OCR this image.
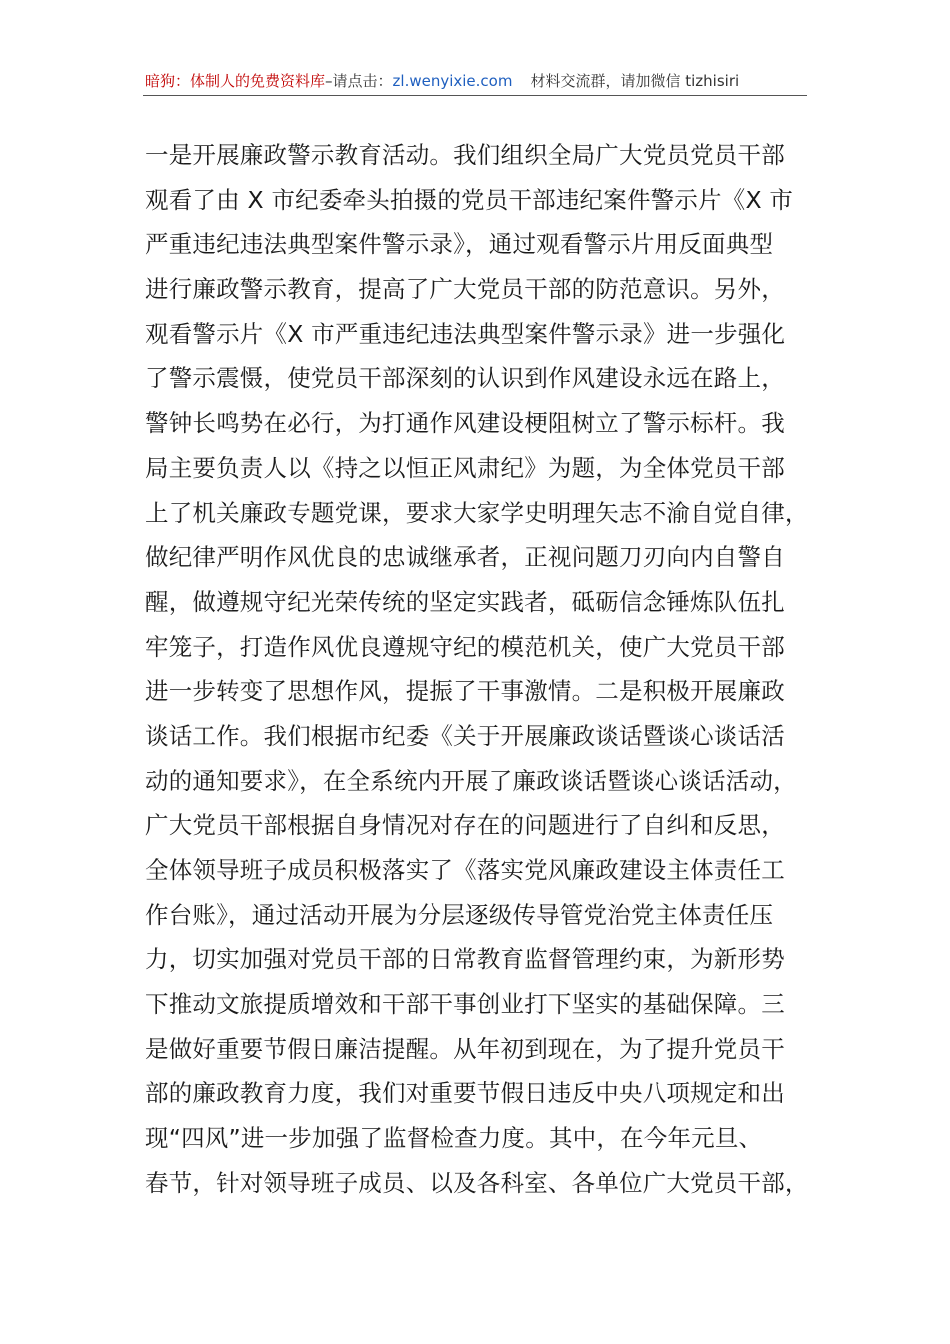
暗狗：体制人的免费资料库–请点击：zl.wenyixie.com 材料交流群，请加微信 tizhisiri
一是开展廉政警示教育活动。我们组织全局广大党员党员干部
观看了由 X 市纪委牵头拍摄的党员干部违纪案件警示片《X 市
严重违纪违法典型案件警示录》，通过观看警示片用反面典型
进行廉政警示教育，提高了广大党员干部的防范意识。另外，
观看警示片《X 市严重违纪违法典型案件警示录》进一步强化
了警示震慑，使党员干部深刻的认识到作风建设永远在路上，
警钟长鸣势在必行，为打通作风建设梗阻树立了警示标杆。我
局主要负责人以《持之以恒正风肃纪》为题，为全体党员干部
上了机关廉政专题党课，要求大家学史明理矢志不渝自觉自律，
做纪律严明作风优良的忠诚继承者，正视问题刀刃向内自警自
醒，做遵规守纪光荣传统的坚定实践者，砥砺信念锤炼队伍扎
牢笼子，打造作风优良遵规守纪的模范机关，使广大党员干部
进一步转变了思想作风，提振了干事激情。二是积极开展廉政
谈话工作。我们根据市纪委《关于开展廉政谈话暨谈心谈话活
动的通知要求》，在全系统内开展了廉政谈话暨谈心谈话活动，
广大党员干部根据自身情况对存在的问题进行了自纠和反思，
全体领导班子成员积极落实了《落实党风廉政建设主体责任工
作台账》，通过活动开展为分层逐级传导管党治党主体责任压
力，切实加强对党员干部的日常教育监督管理约束，为新形势
下推动文旅提质增效和干部干事创业打下坚实的基础保障。三
是做好重要节假日廉洁提醒。从年初到现在，为了提升党员干
部的廉政教育力度，我们对重要节假日违反中央八项规定和出
现“四风”进一步加强了监督检查力度。其中，在今年元旦、
春节，针对领导班子成员、以及各科室、各单位广大党员干部，
